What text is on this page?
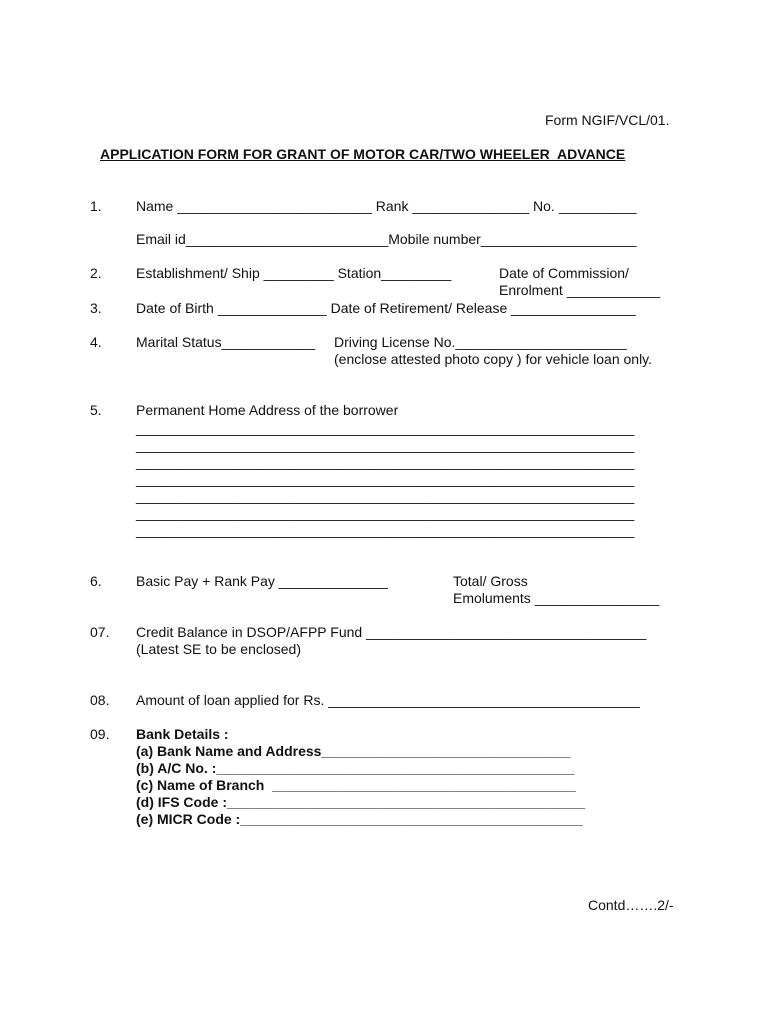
Form NGIF/VCL/01.
APPLICATION FORM FOR GRANT OF MOTOR CAR/TWO WHEELER  ADVANCE
1. Name _________________________ Rank _______________ No. __________
Email id__________________________Mobile number____________________
2. Establishment/ Ship _________ Station_________	Date of Commission/
Enrolment ____________
3. Date of Birth ______________ Date of Retirement/ Release ________________
4. Marital Status____________ Driving License No.______________________
(enclose attested photo copy ) for vehicle loan only.
5. Permanent Home Address of the borrower
________________________________________________________________
________________________________________________________________
________________________________________________________________
________________________________________________________________
________________________________________________________________
________________________________________________________________
________________________________________________________________
6. Basic Pay + Rank Pay ______________	Total/ Gross
Emoluments ________________
07. Credit Balance in DSOP/AFPP Fund ____________________________________
(Latest SE to be enclosed)
08. Amount of loan applied for Rs. ________________________________________
09. Bank Details :
(a) Bank Name and Address________________________________
(b) A/C No. :______________________________________________
(c) Name of Branch  _______________________________________
(d) IFS Code :______________________________________________
(e) MICR Code :____________________________________________
Contd…….2/-
